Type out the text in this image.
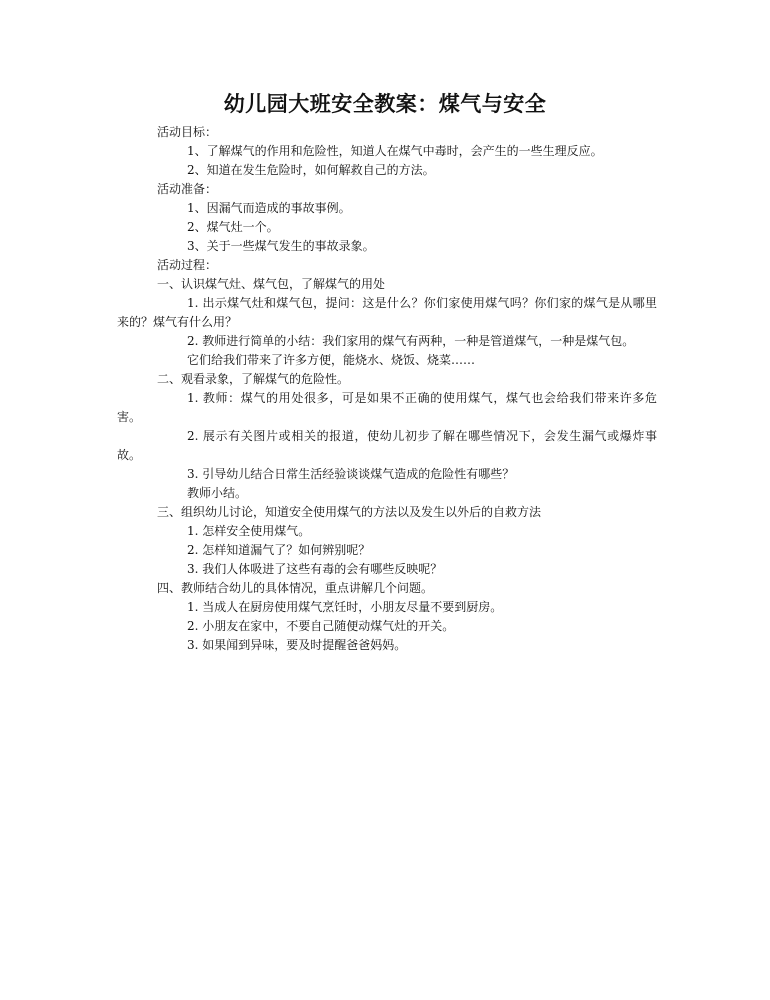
幼儿园大班安全教案：煤气与安全
活动目标：
1、了解煤气的作用和危险性，知道人在煤气中毒时，会产生的一些生理反应。
2、知道在发生危险时，如何解救自己的方法。
活动准备：
1、因漏气而造成的事故事例。
2、煤气灶一个。
3、关于一些煤气发生的事故录象。
活动过程：
一、认识煤气灶、煤气包，了解煤气的用处
1. 出示煤气灶和煤气包，提问：这是什么？你们家使用煤气吗？你们家的煤气是从哪里来的？煤气有什么用？
2. 教师进行简单的小结：我们家用的煤气有两种，一种是管道煤气，一种是煤气包。
它们给我们带来了许多方便，能烧水、烧饭、烧菜……
二、观看录象，了解煤气的危险性。
1. 教师：煤气的用处很多，可是如果不正确的使用煤气，煤气也会给我们带来许多危害。
2. 展示有关图片或相关的报道，使幼儿初步了解在哪些情况下，会发生漏气或爆炸事故。
3. 引导幼儿结合日常生活经验谈谈煤气造成的危险性有哪些？
教师小结。
三、组织幼儿讨论，知道安全使用煤气的方法以及发生以外后的自救方法
1. 怎样安全使用煤气。
2. 怎样知道漏气了？如何辨别呢？
3. 我们人体吸进了这些有毒的会有哪些反映呢？
四、教师结合幼儿的具体情况，重点讲解几个问题。
1. 当成人在厨房使用煤气烹饪时，小朋友尽量不要到厨房。
2. 小朋友在家中，不要自己随便动煤气灶的开关。
3. 如果闻到异味，要及时提醒爸爸妈妈。
